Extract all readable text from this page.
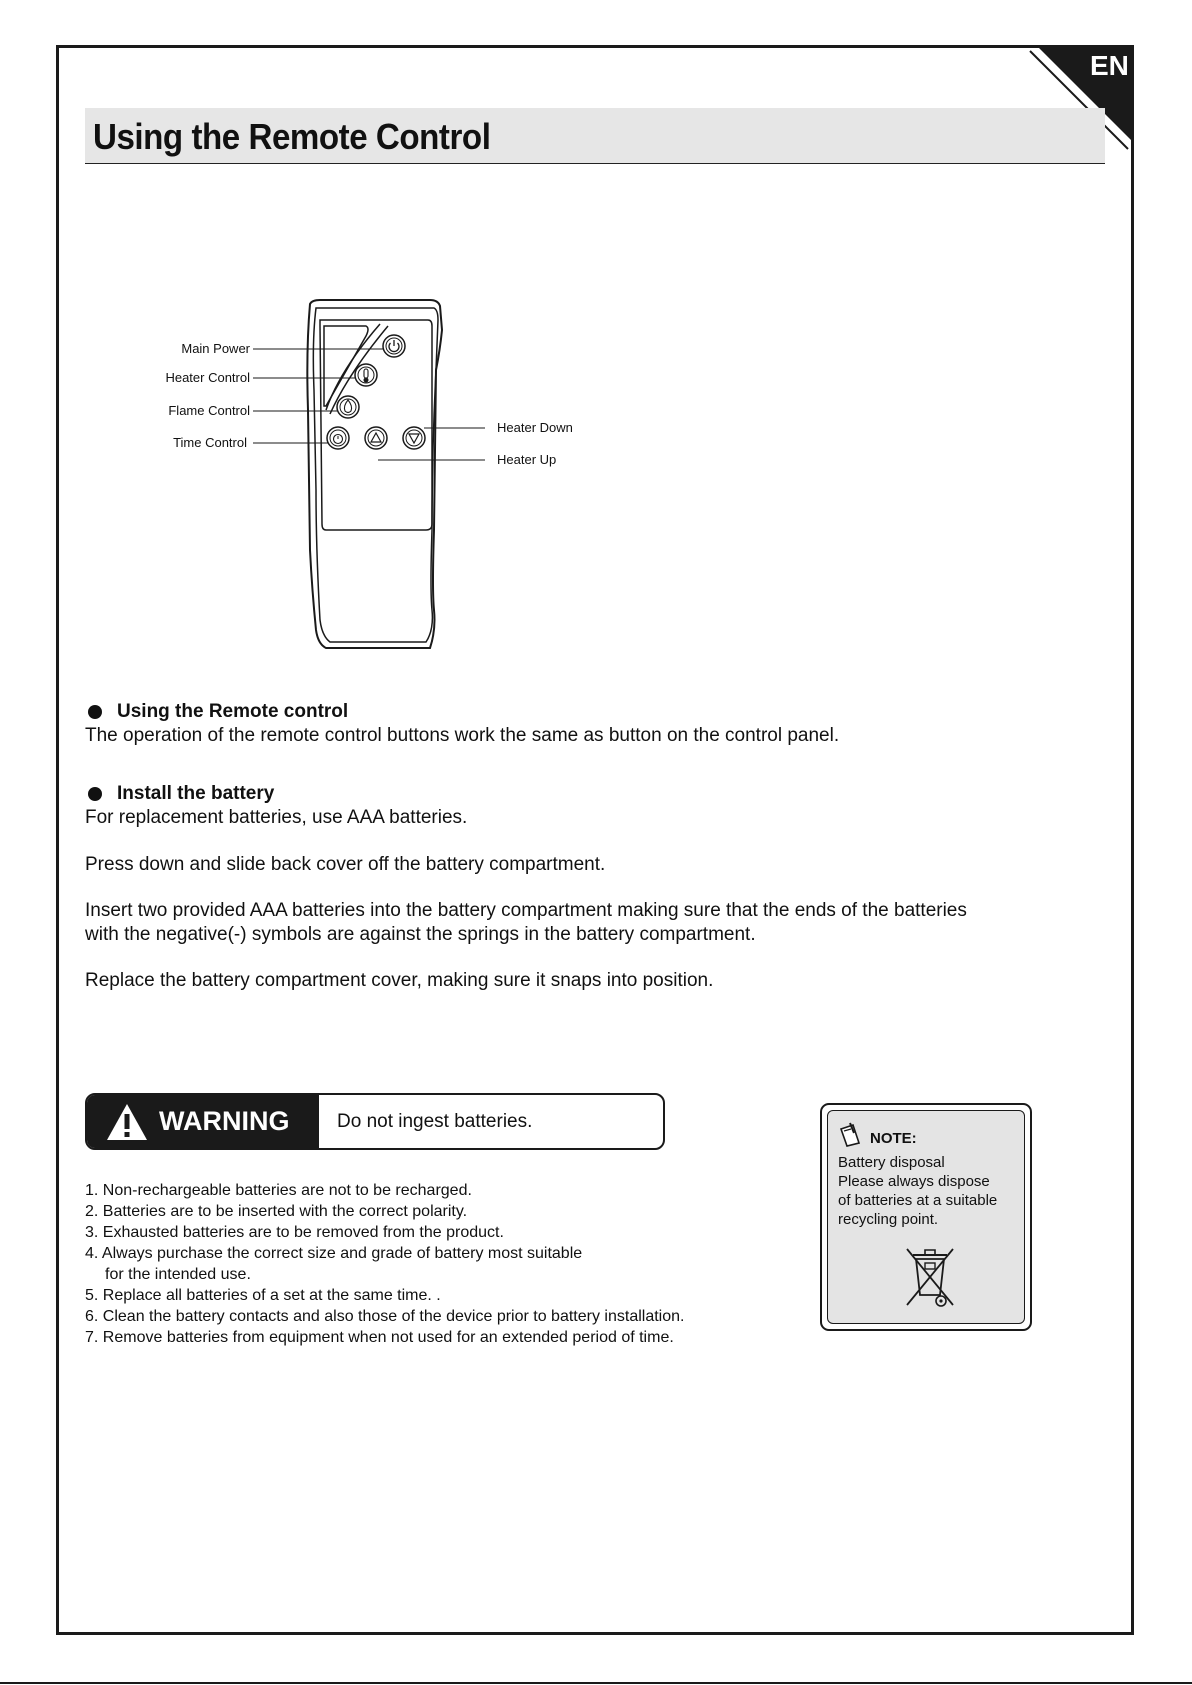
EN
Using the Remote Control
Main Power
Heater Control
Flame Control
Time Control
Heater Down
Heater Up
Using the Remote control

The operation of the remote control buttons work the same as button on the control panel.

Install the battery

For replacement batteries, use AAA batteries.

Press down and slide back cover off the battery compartment.

Insert two provided AAA batteries into the battery compartment making sure that the ends of the batteries

with the negative(-) symbols are against the springs in the battery compartment.

Replace the battery compartment cover, making sure it snaps into position.

WARNING	Do not ingest batteries.
1. Non-rechargeable batteries are not to be recharged.
2. Batteries are to be inserted with the correct polarity.
3. Exhausted batteries are to be removed from the product.
4. Always purchase the correct size and grade of battery most suitable
for the intended use.
5. Replace all batteries of a set at the same time. .
6. Clean the battery contacts and also those of the device prior to battery installation.
7. Remove batteries from equipment when not used for an extended period of time.
NOTE:
Battery disposal
Please always dispose
of batteries at a suitable
recycling point.
